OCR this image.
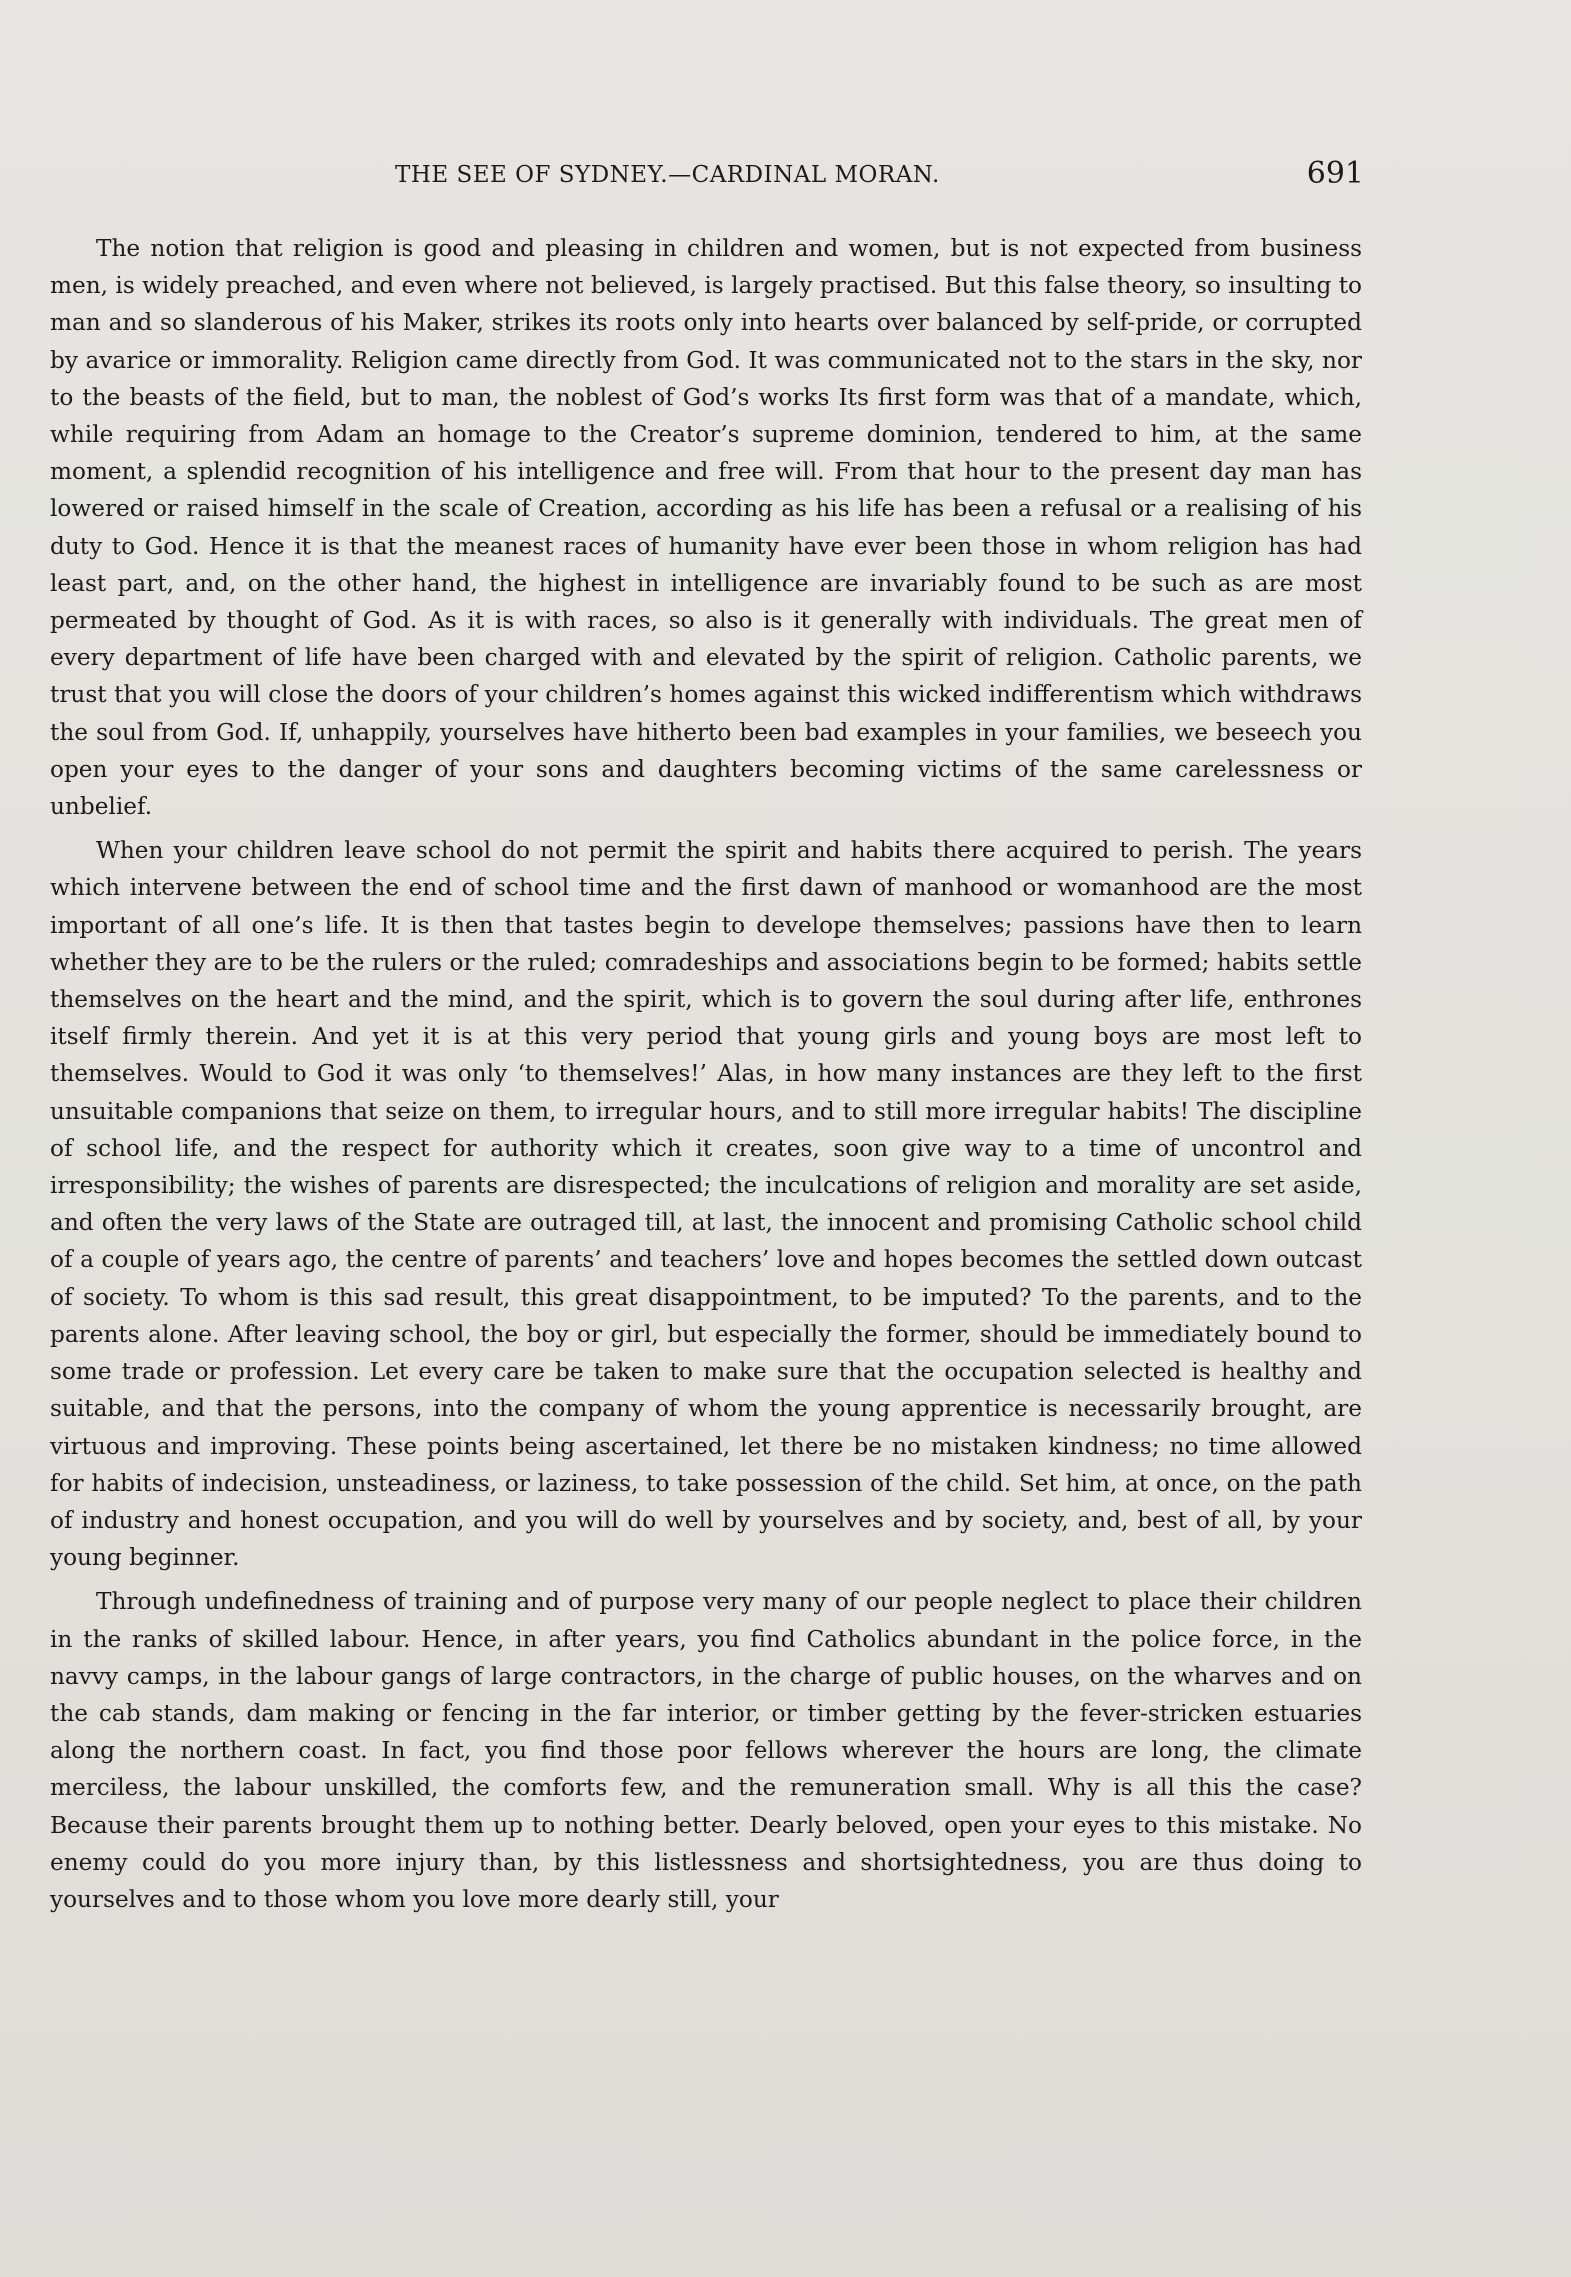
THE SEE OF SYDNEY.—CARDINAL MORAN.	691

The notion that religion is good and pleasing in children and women, but is not expected from business men, is widely preached, and even where not believed, is largely practised. But this false theory, so insulting to man and so slanderous of his Maker, strikes its roots only into hearts over balanced by self-pride, or corrupted by avarice or immorality. Religion came directly from God. It was communicated not to the stars in the sky, nor to the beasts of the field, but to man, the noblest of God’s works Its first form was that of a mandate, which, while requiring from Adam an homage to the Creator’s supreme dominion, tendered to him, at the same moment, a splendid recognition of his intelligence and free will. From that hour to the present day man has lowered or raised himself in the scale of Creation, according as his life has been a refusal or a realising of his duty to God. Hence it is that the meanest races of humanity have ever been those in whom religion has had least part, and, on the other hand, the highest in intelligence are invariably found to be such as are most permeated by thought of God. As it is with races, so also is it generally with individuals. The great men of every department of life have been charged with and elevated by the spirit of religion. Catholic parents, we trust that you will close the doors of your children’s homes against this wicked indifferentism which withdraws the soul from God. If, unhappily, yourselves have hitherto been bad examples in your families, we beseech you open your eyes to the danger of your sons and daughters becoming victims of the same carelessness or unbelief.

When your children leave school do not permit the spirit and habits there acquired to perish. The years which intervene between the end of school time and the first dawn of manhood or womanhood are the most important of all one’s life. It is then that tastes begin to develope themselves; passions have then to learn whether they are to be the rulers or the ruled; comradeships and associations begin to be formed; habits settle themselves on the heart and the mind, and the spirit, which is to govern the soul during after life, enthrones itself firmly therein. And yet it is at this very period that young girls and young boys are most left to themselves. Would to God it was only ‘to themselves!’ Alas, in how many instances are they left to the first unsuitable companions that seize on them, to irregular hours, and to still more irregular habits! The discipline of school life, and the respect for authority which it creates, soon give way to a time of uncontrol and irresponsibility; the wishes of parents are disrespected; the inculcations of religion and morality are set aside, and often the very laws of the State are outraged till, at last, the innocent and promising Catholic school child of a couple of years ago, the centre of parents’ and teachers’ love and hopes becomes the settled down outcast of society. To whom is this sad result, this great disappointment, to be imputed? To the parents, and to the parents alone. After leaving school, the boy or girl, but especially the former, should be immediately bound to some trade or profession. Let every care be taken to make sure that the occupation selected is healthy and suitable, and that the persons, into the company of whom the young apprentice is necessarily brought, are virtuous and improving. These points being ascertained, let there be no mistaken kindness; no time allowed for habits of indecision, unsteadiness, or laziness, to take possession of the child. Set him, at once, on the path of industry and honest occupation, and you will do well by yourselves and by society, and, best of all, by your young beginner.

Through undefinedness of training and of purpose very many of our people neglect to place their children in the ranks of skilled labour. Hence, in after years, you find Catholics abundant in the police force, in the navvy camps, in the labour gangs of large contractors, in the charge of public houses, on the wharves and on the cab stands, dam making or fencing in the far interior, or timber getting by the fever-stricken estuaries along the northern coast. In fact, you find those poor fellows wherever the hours are long, the climate merciless, the labour unskilled, the comforts few, and the remuneration small. Why is all this the case? Because their parents brought them up to nothing better. Dearly beloved, open your eyes to this mistake. No enemy could do you more injury than, by this listlessness and shortsightedness, you are thus doing to yourselves and to those whom you love more dearly still, your
